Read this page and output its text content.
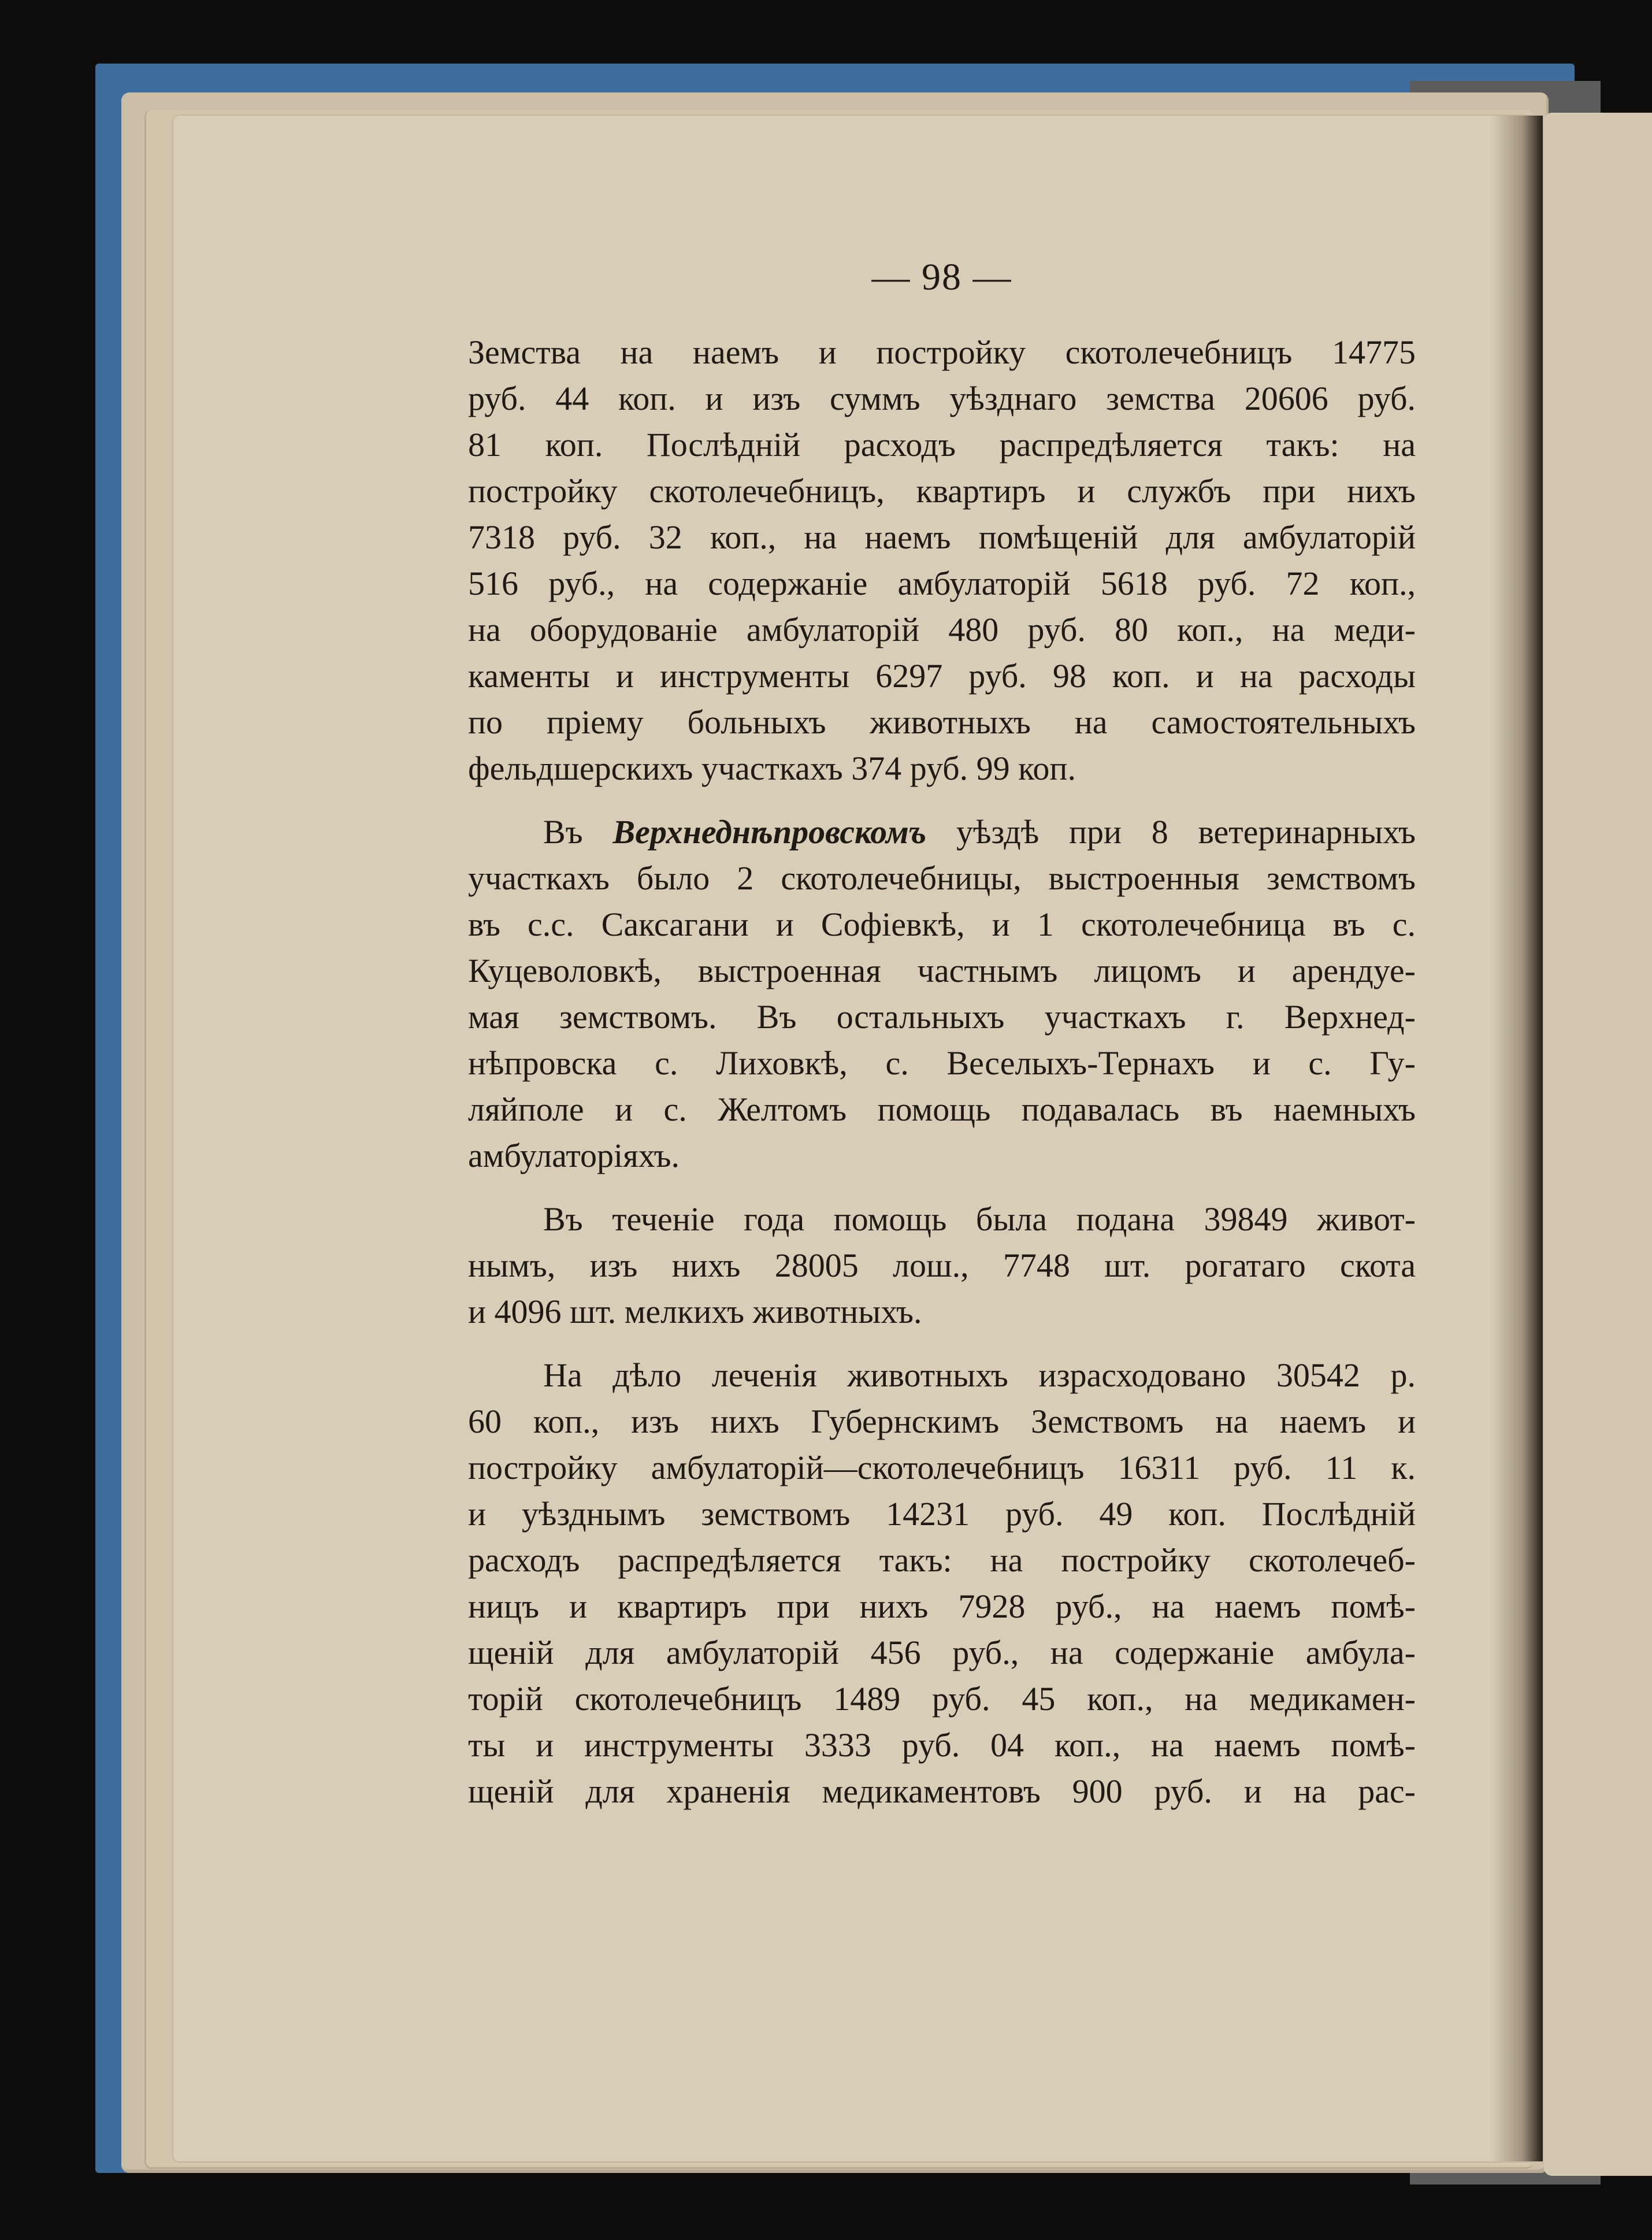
— 98 —
Земства на наемъ и постройку скотолечебницъ 14775
руб. 44 коп. и изъ суммъ уѣзднаго земства 20606 руб.
81 коп. Послѣдній расходъ распредѣляется такъ: на
постройку скотолечебницъ, квартиръ и службъ при нихъ
7318 руб. 32 коп., на наемъ помѣщеній для амбулаторій
516 руб., на содержаніе амбулаторій 5618 руб. 72 коп.,
на оборудованіе амбулаторій 480 руб. 80 коп., на меди-
каменты и инструменты 6297 руб. 98 коп. и на расходы
по пріему больныхъ животныхъ на самостоятельныхъ
фельдшерскихъ участкахъ 374 руб. 99 коп.
Въ Верхнеднѣпровскомъ уѣздѣ при 8 ветеринарныхъ
участкахъ было 2 скотолечебницы, выстроенныя земствомъ
въ с.с. Саксагани и Софіевкѣ, и 1 скотолечебница въ с.
Куцеволовкѣ, выстроенная частнымъ лицомъ и арендуе-
мая земствомъ. Въ остальныхъ участкахъ г. Верхнед-
нѣпровска с. Лиховкѣ, с. Веселыхъ-Тернахъ и с. Гу-
ляйполе и с. Желтомъ помощь подавалась въ наемныхъ
амбулаторіяхъ.
Въ теченіе года помощь была подана 39849 живот-
нымъ, изъ нихъ 28005 лош., 7748 шт. рогатаго скота
и 4096 шт. мелкихъ животныхъ.
На дѣло леченія животныхъ израсходовано 30542 р.
60 коп., изъ нихъ Губернскимъ Земствомъ на наемъ и
постройку амбулаторій—скотолечебницъ 16311 руб. 11 к.
и уѣзднымъ земствомъ 14231 руб. 49 коп. Послѣдній
расходъ распредѣляется такъ: на постройку скотолечеб-
ницъ и квартиръ при нихъ 7928 руб., на наемъ помѣ-
щеній для амбулаторій 456 руб., на содержаніе амбула-
торій скотолечебницъ 1489 руб. 45 коп., на медикамен-
ты и инструменты 3333 руб. 04 коп., на наемъ помѣ-
щеній для храненія медикаментовъ 900 руб. и на рас-
